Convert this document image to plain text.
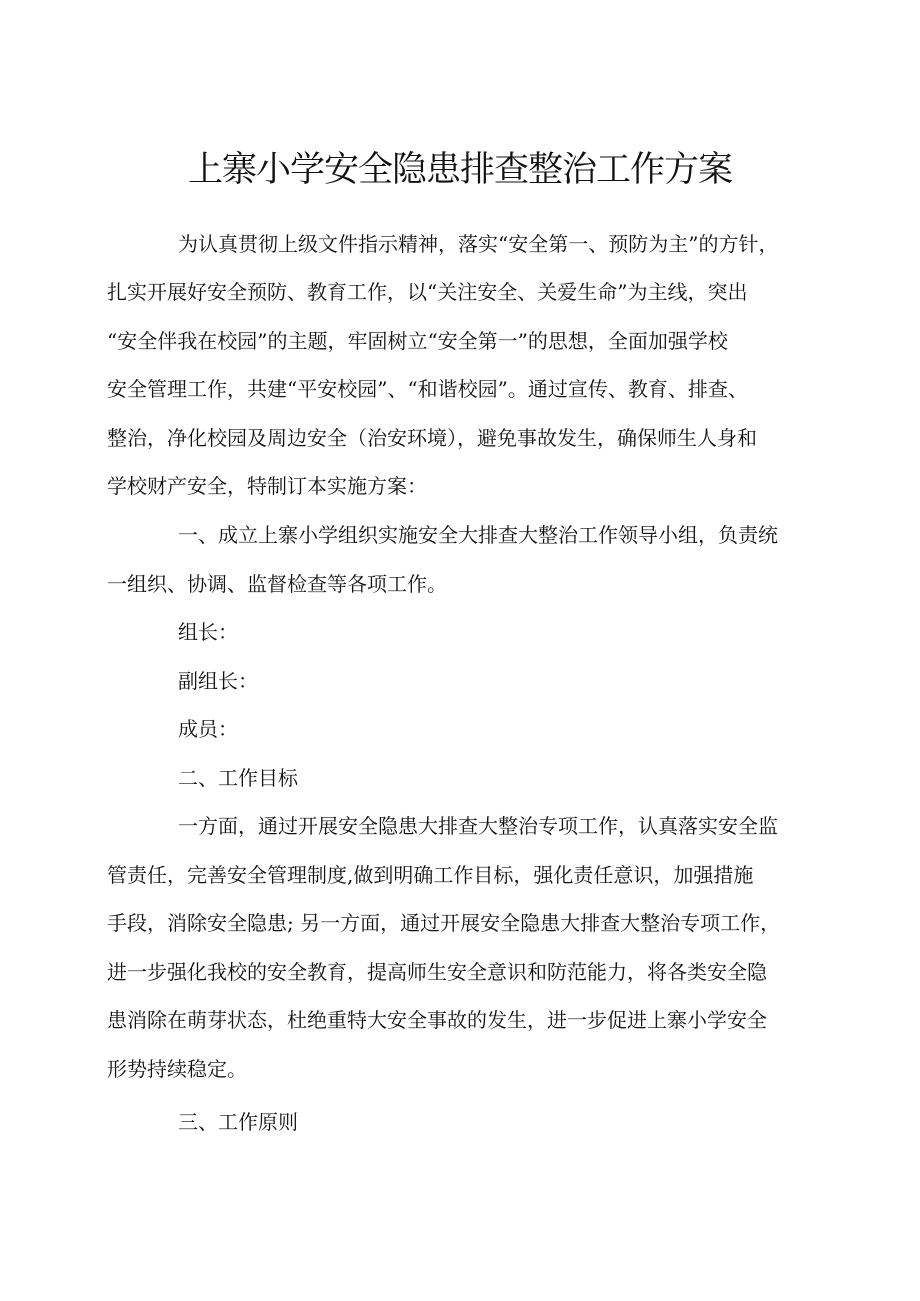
上寨小学安全隐患排查整治工作方案
为认真贯彻上级文件指示精神，落实“安全第一、预防为主”的方针，
扎实开展好安全预防、教育工作，以“关注安全、关爱生命”为主线，突出
“安全伴我在校园”的主题，牢固树立“安全第一”的思想，全面加强学校
安全管理工作，共建“平安校园”、“和谐校园”。通过宣传、教育、排查、
整治，净化校园及周边安全（治安环境），避免事故发生，确保师生人身和
学校财产安全，特制订本实施方案：
一、成立上寨小学组织实施安全大排查大整治工作领导小组，负责统
一组织、协调、监督检查等各项工作。
组长：
副组长：
成员：
二、工作目标
一方面，通过开展安全隐患大排查大整治专项工作，认真落实安全监
管责任，完善安全管理制度,做到明确工作目标，强化责任意识，加强措施
手段，消除安全隐患; 另一方面，通过开展安全隐患大排查大整治专项工作，
进一步强化我校的安全教育，提高师生安全意识和防范能力，将各类安全隐
患消除在萌芽状态，杜绝重特大安全事故的发生，进一步促进上寨小学安全
形势持续稳定。
三、工作原则
